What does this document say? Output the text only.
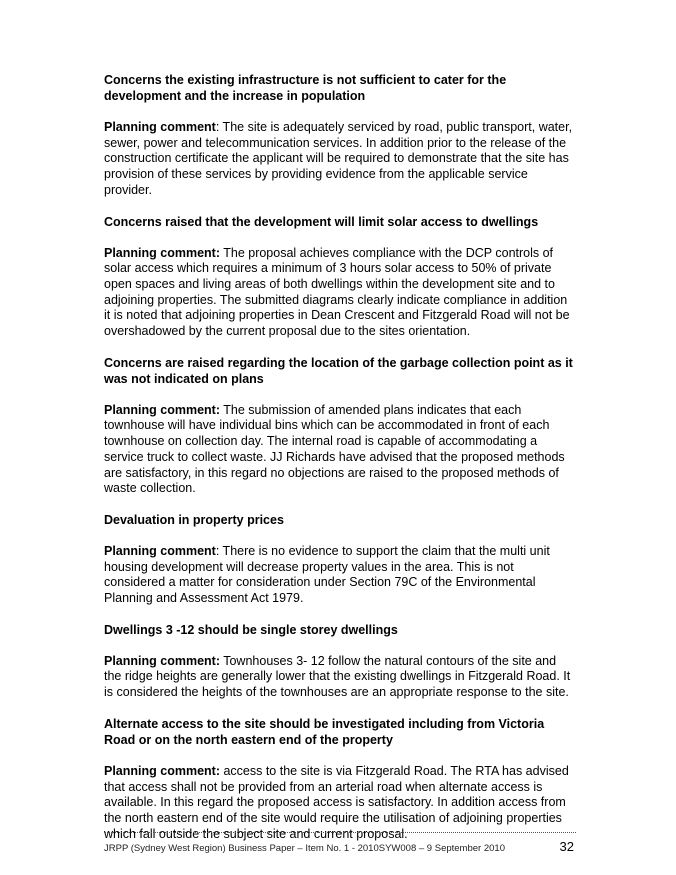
Concerns the existing infrastructure is not sufficient to cater for the development and the increase in population

Planning comment: The site is adequately serviced by road, public transport, water, sewer, power and telecommunication services. In addition prior to the release of the construction certificate the applicant will be required to demonstrate that the site has provision of these services by providing evidence from the applicable service provider.

Concerns raised that the development will limit solar access to dwellings

Planning comment: The proposal achieves compliance with the DCP controls of solar access which requires a minimum of 3 hours solar access to 50% of private open spaces and living areas of both dwellings within the development site and to adjoining properties. The submitted diagrams clearly indicate compliance in addition it is noted that adjoining properties in Dean Crescent and Fitzgerald Road will not be overshadowed by the current proposal due to the sites orientation.

Concerns are raised regarding the location of the garbage collection point as it was not indicated on plans

Planning comment: The submission of amended plans indicates that each townhouse will have individual bins which can be accommodated in front of each townhouse on collection day. The internal road is capable of accommodating a service truck to collect waste. JJ Richards have advised that the proposed methods are satisfactory, in this regard no objections are raised to the proposed methods of waste collection.

Devaluation in property prices

Planning comment: There is no evidence to support the claim that the multi unit housing development will decrease property values in the area. This is not considered a matter for consideration under Section 79C of the Environmental Planning and Assessment Act 1979.

Dwellings 3 -12 should be single storey dwellings

Planning comment: Townhouses 3- 12 follow the natural contours of the site and the ridge heights are generally lower that the existing dwellings in Fitzgerald Road. It is considered the heights of the townhouses are an appropriate response to the site.

Alternate access to the site should be investigated including from Victoria Road or on the north eastern end of the property

Planning comment: access to the site is via Fitzgerald Road. The RTA has advised that access shall not be provided from an arterial road when alternate access is available. In this regard the proposed access is satisfactory. In addition access from the north eastern end of the site would require the utilisation of adjoining properties which fall outside the subject site and current proposal.

JRPP (Sydney West Region) Business Paper – Item No. 1 - 2010SYW008 – 9 September 2010	32
